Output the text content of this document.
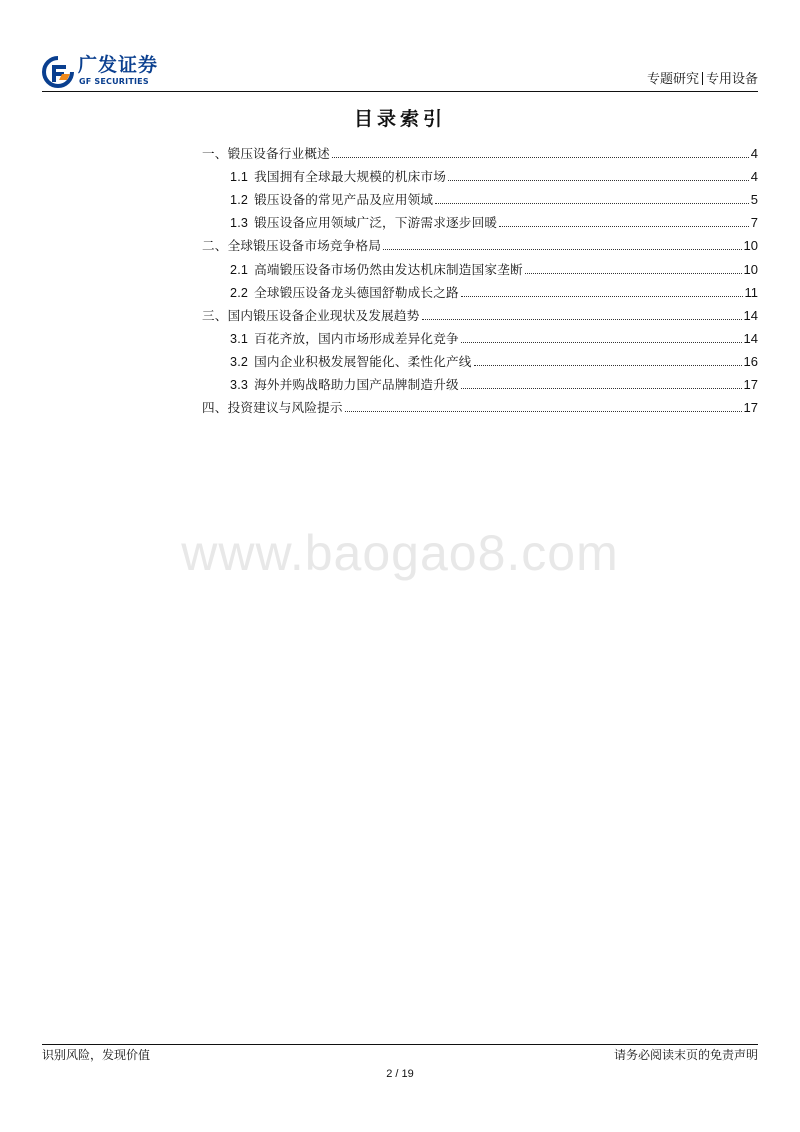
广发证券
GF SECURITIES	专题研究 专用设备
目录索引
一、锻压设备行业概述	4
1.1 我国拥有全球最大规模的机床市场	4
1.2 锻压设备的常见产品及应用领域	5
1.3 锻压设备应用领域广泛，下游需求逐步回暖	7
二、全球锻压设备市场竞争格局	10
2.1 高端锻压设备市场仍然由发达机床制造国家垄断	10
2.2 全球锻压设备龙头德国舒勒成长之路	11
三、国内锻压设备企业现状及发展趋势	14
3.1 百花齐放，国内市场形成差异化竞争	14
3.2 国内企业积极发展智能化、柔性化产线	16
3.3 海外并购战略助力国产品牌制造升级	17
四、投资建议与风险提示	17
www.baogao8.com
识别风险，发现价值	请务必阅读末页的免责声明
2 / 19
